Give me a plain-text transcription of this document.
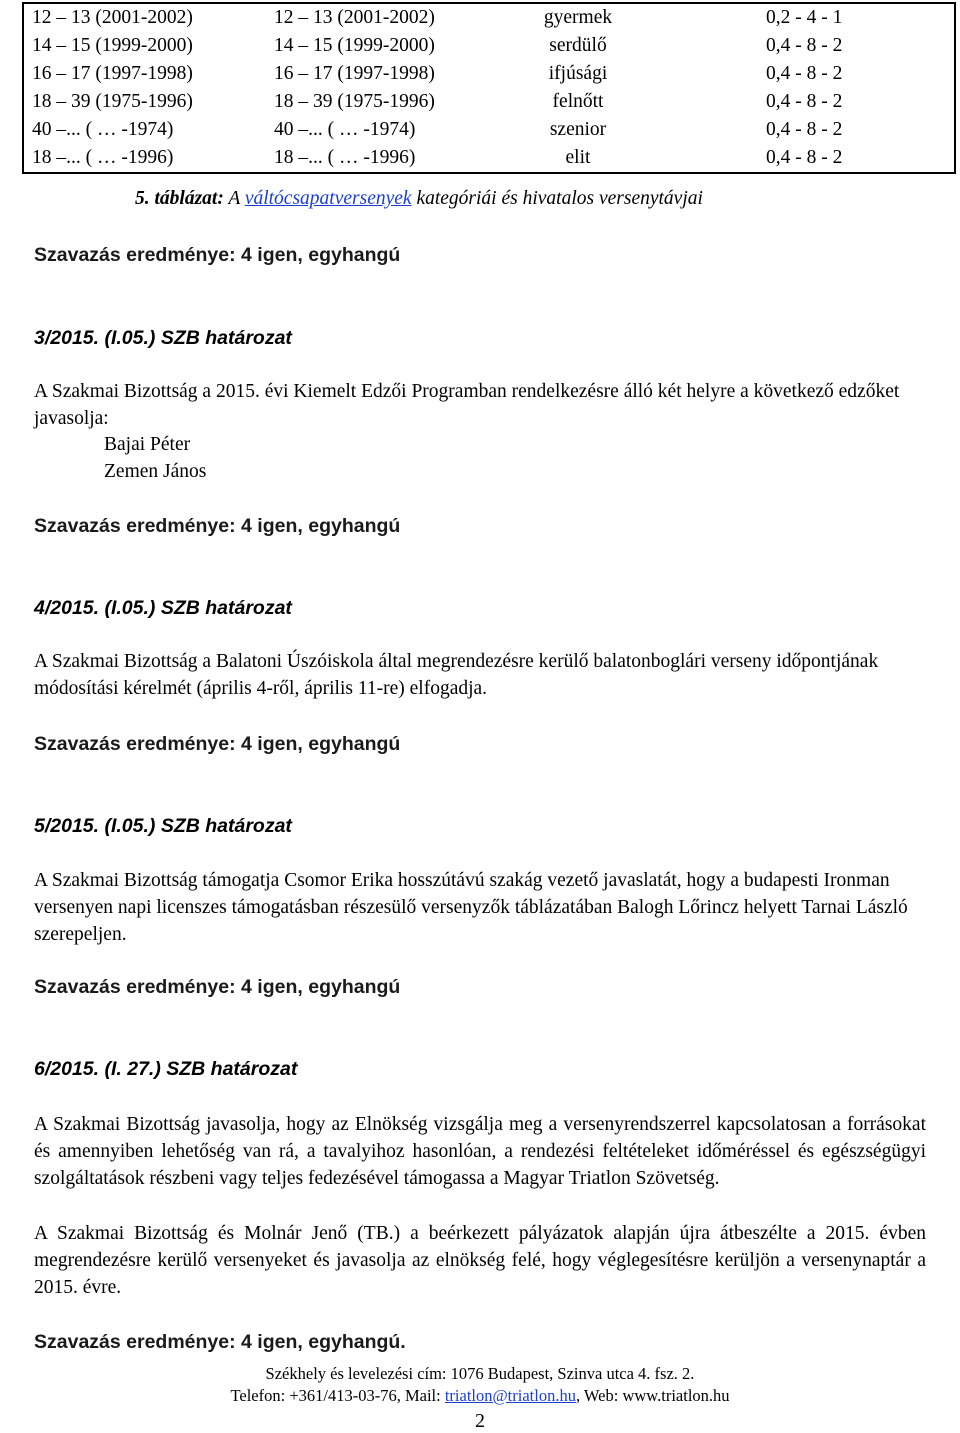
12 – 13 (2001-2002)	12 – 13 (2001-2002)	gyermek	0,2 - 4 - 1
14 – 15 (1999-2000)	14 – 15 (1999-2000)	serdülő	0,4 - 8 - 2
16 – 17 (1997-1998)	16 – 17 (1997-1998)	ifjúsági	0,4 - 8 - 2
18 – 39 (1975-1996)	18 – 39 (1975-1996)	felnőtt	0,4 - 8 - 2
40 –... ( … -1974)	40 –... ( … -1974)	szenior	0,4 - 8 - 2
18 –... ( … -1996)	18 –... ( … -1996)	elit	0,4 - 8 - 2
5. táblázat: A váltócsapatversenyek kategóriái és hivatalos versenytávjai
Szavazás eredménye: 4 igen, egyhangú
3/2015. (I.05.) SZB határozat
A Szakmai Bizottság a 2015. évi Kiemelt Edzői Programban rendelkezésre álló két helyre a következő edzőket javasolja:
Bajai Péter
Zemen János
Szavazás eredménye: 4 igen, egyhangú
4/2015. (I.05.) SZB határozat
A Szakmai Bizottság a Balatoni Úszóiskola által megrendezésre kerülő balatonboglári verseny időpontjának módosítási kérelmét (április 4-ről, április 11-re) elfogadja.
Szavazás eredménye: 4 igen, egyhangú
5/2015. (I.05.) SZB határozat
A Szakmai Bizottság támogatja Csomor Erika hosszútávú szakág vezető javaslatát, hogy a budapesti Ironman versenyen napi licenszes támogatásban részesülő versenyzők táblázatában Balogh Lőrincz helyett Tarnai László szerepeljen.
Szavazás eredménye: 4 igen, egyhangú
6/2015. (I. 27.) SZB határozat
A Szakmai Bizottság javasolja, hogy az Elnökség vizsgálja meg a versenyrendszerrel kapcsolatosan a forrásokat és amennyiben lehetőség van rá, a tavalyihoz hasonlóan, a rendezési feltételeket időméréssel és egészségügyi szolgáltatások részbeni vagy teljes fedezésével támogassa a Magyar Triatlon Szövetség.
A Szakmai Bizottság és Molnár Jenő (TB.) a beérkezett pályázatok alapján újra átbeszélte a 2015. évben megrendezésre kerülő versenyeket és javasolja az elnökség felé, hogy véglegesítésre kerüljön a versenynaptár a 2015. évre.
Szavazás eredménye: 4 igen, egyhangú.
Székhely és levelezési cím: 1076 Budapest, Szinva utca 4. fsz. 2.
Telefon: +361/413-03-76, Mail: triatlon@triatlon.hu, Web: www.triatlon.hu
2
